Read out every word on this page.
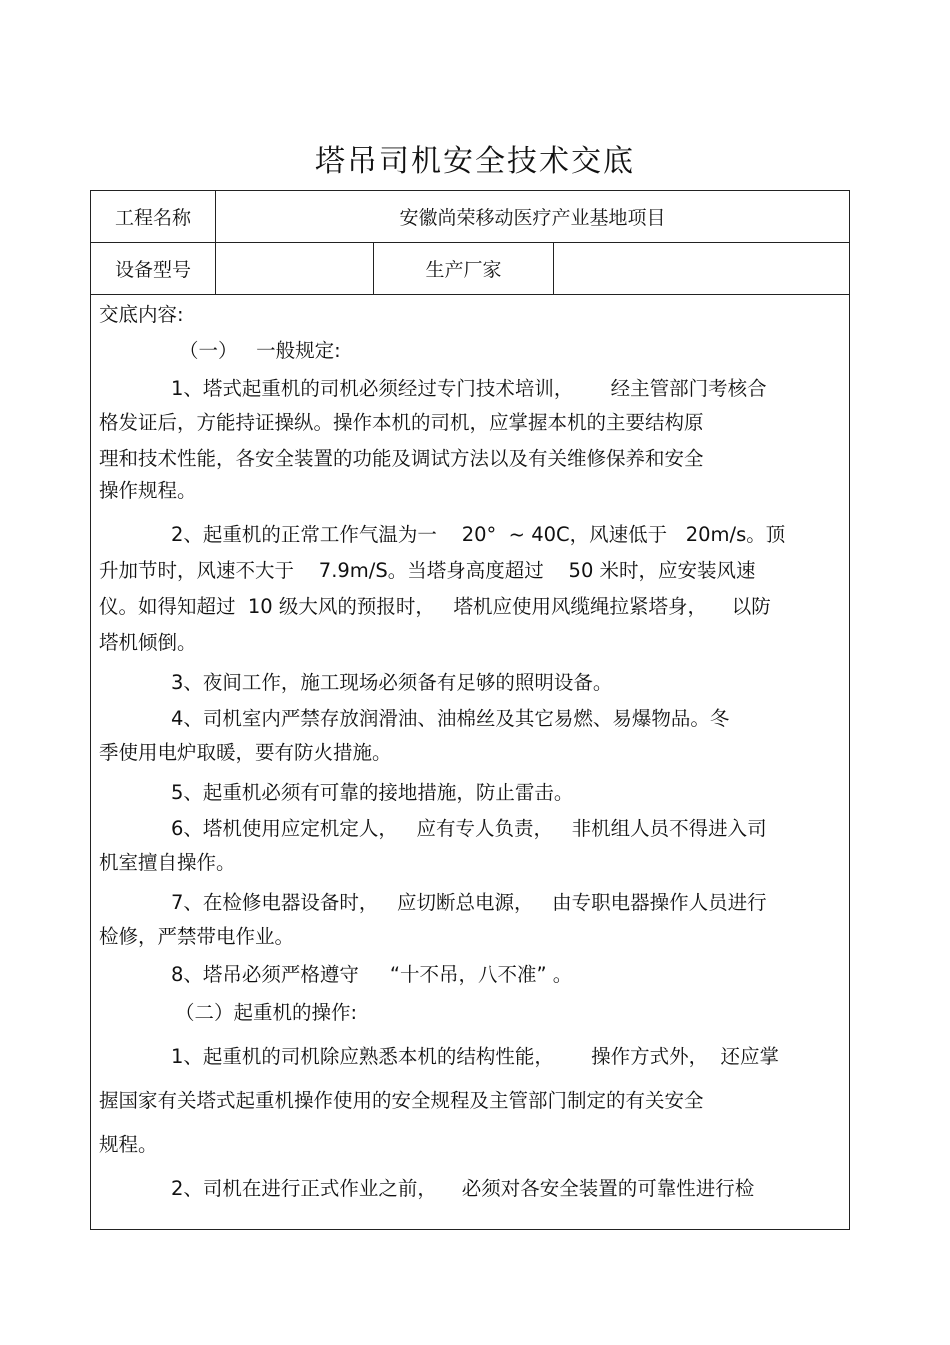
塔吊司机安全技术交底
工程名称	安徽尚荣移动医疗产业基地项目
设备型号	生产厂家
交底内容:
（一）   一般规定:
1、塔式起重机的司机必须经过专门技术培训，      经主管部门考核合
格发证后，方能持证操纵。操作本机的司机，应掌握本机的主要结构原
理和技术性能，各安全装置的功能及调试方法以及有关维修保养和安全
操作规程。
2、起重机的正常工作气温为一    20°  ~ 40C，风速低于   20m/s。顶
升加节时，风速不大于    7.9m/S。当塔身高度超过    50 米时，应安装风速
仪。如得知超过  10 级大风的预报时，   塔机应使用风缆绳拉紧塔身，    以防
塔机倾倒。
3、夜间工作，施工现场必须备有足够的照明设备。
4、司机室内严禁存放润滑油、油棉丝及其它易燃、易爆物品。冬
季使用电炉取暖，要有防火措施。
5、起重机必须有可靠的接地措施，防止雷击。
6、塔机使用应定机定人，   应有专人负责，   非机组人员不得进入司
机室擅自操作。
7、在检修电器设备时，   应切断总电源，   由专职电器操作人员进行
检修，严禁带电作业。
8、塔吊必须严格遵守     “十不吊，八不准” 。
（二）起重机的操作:
1、起重机的司机除应熟悉本机的结构性能，      操作方式外，  还应掌
握国家有关塔式起重机操作使用的安全规程及主管部门制定的有关安全
规程。
2、司机在进行正式作业之前，    必须对各安全装置的可靠性进行检
